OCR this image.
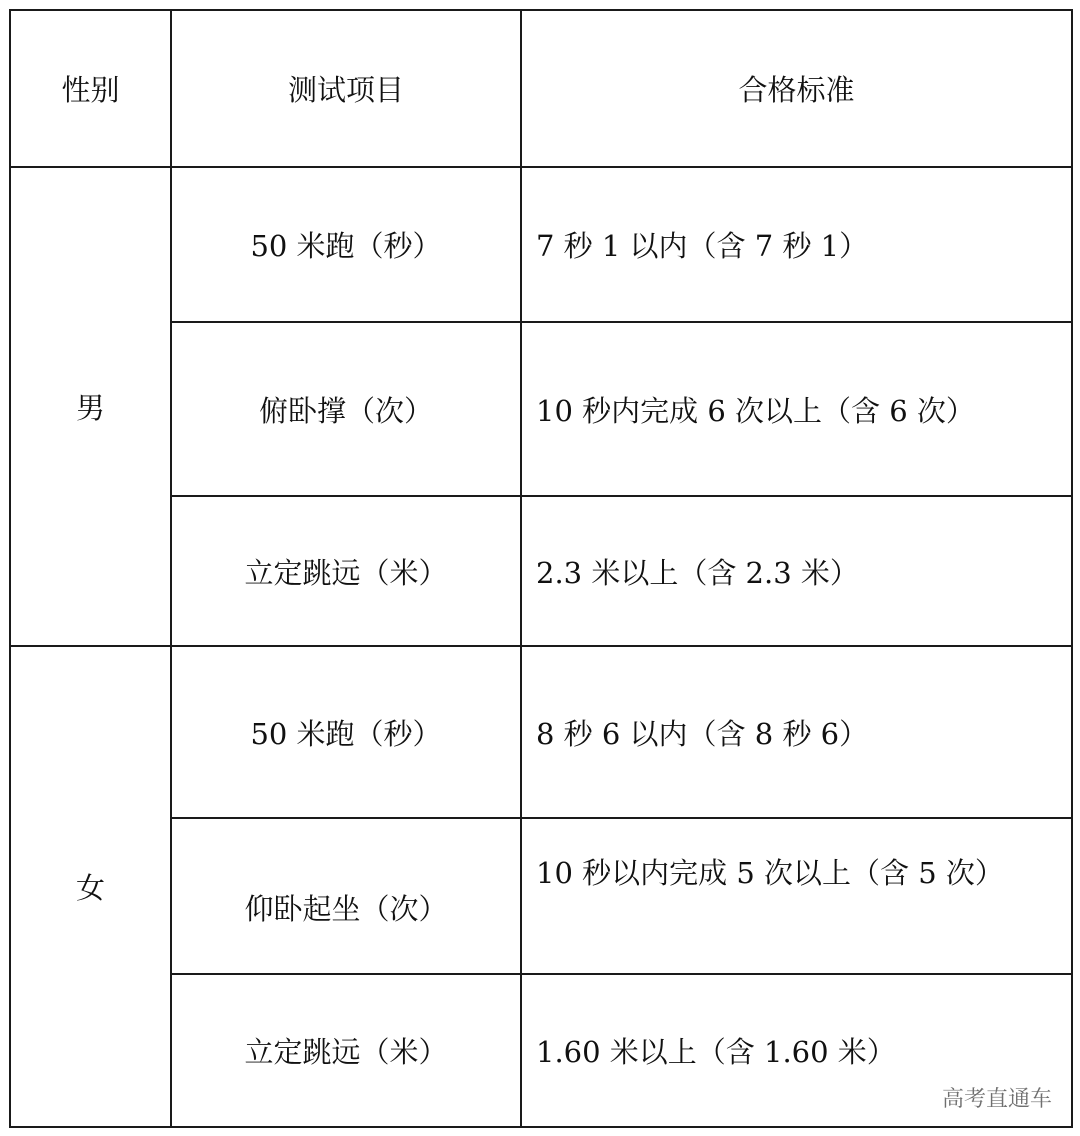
性别	测试项目	合格标准
男	50 米跑（秒）	7 秒 1 以内（含 7 秒 1）
	俯卧撑（次）	10 秒内完成 6 次以上（含 6 次）
	立定跳远（米）	2.3 米以上（含 2.3 米）
女	50 米跑（秒）	8 秒 6 以内（含 8 秒 6）
	仰卧起坐（次）	10 秒以内完成 5 次以上（含 5 次）
	立定跳远（米）	1.60 米以上（含 1.60 米）
高考直通车
